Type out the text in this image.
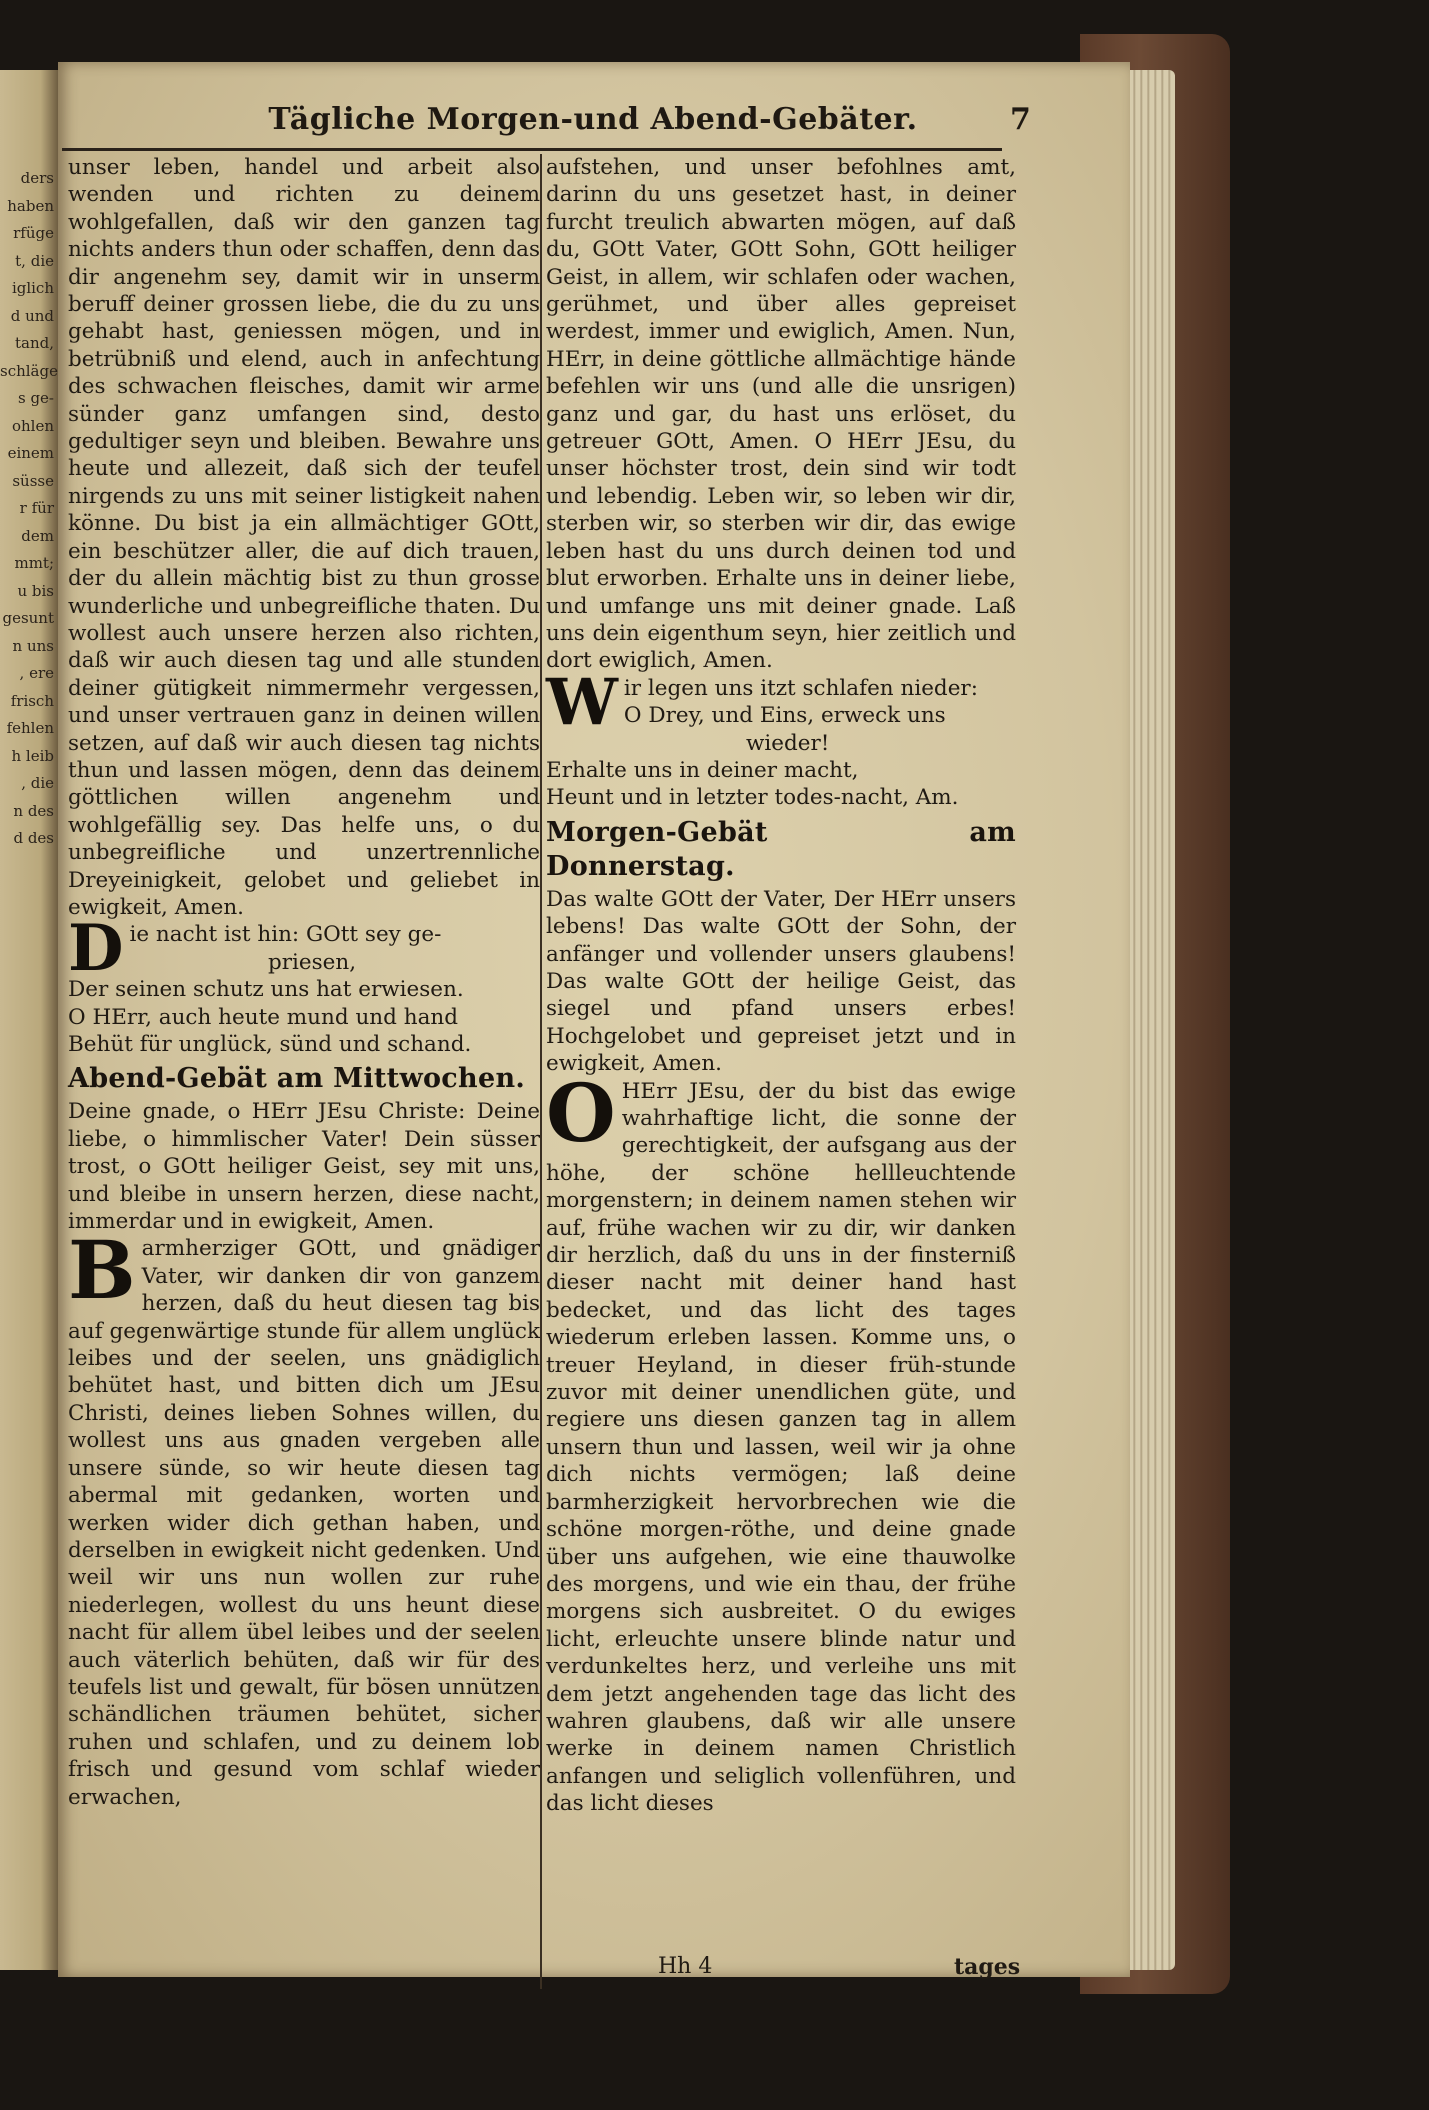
ders
haben
rfüge
t, die
iglich
d und
tand,
schläge
s ge-
ohlen
einem
süsse
r für
dem
mmt;
u bis
gesunt
n uns
, ere
frisch
fehlen
h leib
, die
n des
d des
Tägliche Morgen-und Abend-Gebäter.	7

unser leben, handel und arbeit also wenden und richten zu deinem wohlgefallen, daß wir den ganzen tag nichts anders thun oder schaffen, denn das dir angenehm sey, damit wir in unserm beruff deiner grossen liebe, die du zu uns gehabt hast, geniessen mögen, und in betrübniß und elend, auch in anfechtung des schwachen fleisches, damit wir arme sünder ganz umfangen sind, desto gedultiger seyn und bleiben. Bewahre uns heute und allezeit, daß sich der teufel nirgends zu uns mit seiner listigkeit nahen könne. Du bist ja ein allmächtiger GOtt, ein beschützer aller, die auf dich trauen, der du allein mächtig bist zu thun grosse wunderliche und unbegreifliche thaten. Du wollest auch unsere herzen also richten, daß wir auch diesen tag und alle stunden deiner gütigkeit nimmermehr vergessen, und unser vertrauen ganz in deinen willen setzen, auf daß wir auch diesen tag nichts thun und lassen mögen, denn das deinem göttlichen willen angenehm und wohlgefällig sey. Das helfe uns, o du unbegreifliche und unzertrennliche Dreyeinigkeit, gelobet und geliebet in ewigkeit, Amen.

D ie nacht ist hin: GOtt sey ge-
priesen,
Der seinen schutz uns hat erwiesen.
O HErr, auch heute mund und hand
Behüt für unglück, sünd und schand.
Abend-Gebät am Mittwochen.

Deine gnade, o HErr JEsu Christe: Deine liebe, o himmlischer Vater! Dein süsser trost, o GOtt heiliger Geist, sey mit uns, und bleibe in unsern herzen, diese nacht, immerdar und in ewigkeit, Amen.

Barmherziger GOtt, und gnädiger Vater, wir danken dir von ganzem herzen, daß du heut diesen tag bis auf gegenwärtige stunde für allem unglück leibes und der seelen, uns gnädiglich behütet hast, und bitten dich um JEsu Christi, deines lieben Sohnes willen, du wollest uns aus gnaden vergeben alle unsere sünde, so wir heute diesen tag abermal mit gedanken, worten und werken wider dich gethan haben, und derselben in ewigkeit nicht gedenken. Und weil wir uns nun wollen zur ruhe niederlegen, wollest du uns heunt diese nacht für allem übel leibes und der seelen auch väterlich behüten, daß wir für des teufels list und gewalt, für bösen unnützen schändlichen träumen behütet, sicher ruhen und schlafen, und zu deinem lob frisch und gesund vom schlaf wieder erwachen,

aufstehen, und unser befohlnes amt, darinn du uns gesetzet hast, in deiner furcht treulich abwarten mögen, auf daß du, GOtt Vater, GOtt Sohn, GOtt heiliger Geist, in allem, wir schlafen oder wachen, gerühmet, und über alles gepreiset werdest, immer und ewiglich, Amen. Nun, HErr, in deine göttliche allmächtige hände befehlen wir uns (und alle die unsrigen) ganz und gar, du hast uns erlöset, du getreuer GOtt, Amen. O HErr JEsu, du unser höchster trost, dein sind wir todt und lebendig. Leben wir, so leben wir dir, sterben wir, so sterben wir dir, das ewige leben hast du uns durch deinen tod und blut erworben. Erhalte uns in deiner liebe, und umfange uns mit deiner gnade. Laß uns dein eigenthum seyn, hier zeitlich und dort ewiglich, Amen.

W ir legen uns itzt schlafen nieder:
O Drey, und Eins, erweck uns
wieder!
Erhalte uns in deiner macht,
Heunt und in letzter todes-nacht, Am.
Morgen-Gebät am Donnerstag.

Das walte GOtt der Vater, Der HErr unsers lebens! Das walte GOtt der Sohn, der anfänger und vollender unsers glaubens! Das walte GOtt der heilige Geist, das siegel und pfand unsers erbes! Hochgelobet und gepreiset jetzt und in ewigkeit, Amen.

O HErr JEsu, der du bist das ewige wahrhaftige licht, die sonne der gerechtigkeit, der aufsgang aus der höhe, der schöne hellleuchtende morgenstern; in deinem namen stehen wir auf, frühe wachen wir zu dir, wir danken dir herzlich, daß du uns in der finsterniß dieser nacht mit deiner hand hast bedecket, und das licht des tages wiederum erleben lassen. Komme uns, o treuer Heyland, in dieser früh-stunde zuvor mit deiner unendlichen güte, und regiere uns diesen ganzen tag in allem unsern thun und lassen, weil wir ja ohne dich nichts vermögen; laß deine barmherzigkeit hervorbrechen wie die schöne morgen-röthe, und deine gnade über uns aufgehen, wie eine thauwolke des morgens, und wie ein thau, der frühe morgens sich ausbreitet. O du ewiges licht, erleuchte unsere blinde natur und verdunkeltes herz, und verleihe uns mit dem jetzt angehenden tage das licht des wahren glaubens, daß wir alle unsere werke in deinem namen Christlich anfangen und seliglich vollenführen, und das licht dieses

Hh 4	tages
